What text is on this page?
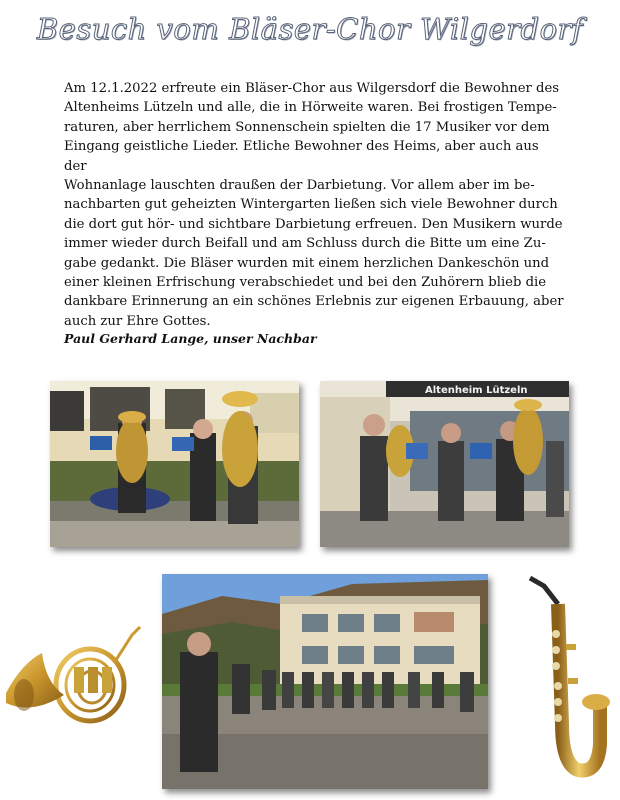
Besuch vom Bläser-Chor Wilgerdorf
Am 12.1.2022 erfreute ein Bläser-Chor aus Wilgersdorf die Bewohner des
Altenheims Lützeln und alle, die in Hörweite waren. Bei frostigen Tempe-
raturen, aber herrlichem Sonnenschein spielten die 17 Musiker vor dem
Eingang geistliche Lieder. Etliche Bewohner des Heims, aber auch aus der
Wohnanlage lauschten draußen der Darbietung. Vor allem aber im be-
nachbarten gut geheizten Wintergarten ließen sich viele Bewohner durch
die dort gut hör- und sichtbare Darbietung erfreuen. Den Musikern wurde
immer wieder durch Beifall und am Schluss durch die Bitte um eine Zu-
gabe gedankt. Die Bläser wurden mit einem herzlichen Dankeschön und
einer kleinen Erfrischung verabschiedet und bei den Zuhörern blieb die
dankbare Erinnerung an ein schönes Erlebnis zur eigenen Erbauung, aber
auch zur Ehre Gottes.
Paul Gerhard Lange, unser Nachbar
Altenheim Lützeln
